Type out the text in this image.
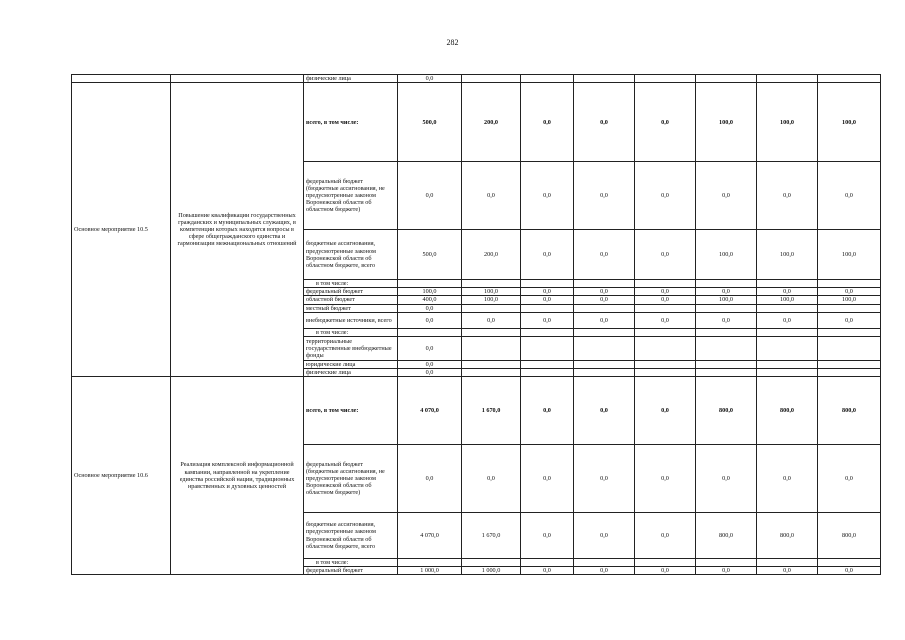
282
		физические лица	0,0							
Основное мероприятие 10.5	Повышение квалификации государственных гражданских и муниципальных служащих, в компетенции которых находятся вопросы в сфере общегражданского единства и гармонизации межнациональных отношений	всего, в том числе:	500,0	200,0	0,0	0,0	0,0	100,0	100,0	100,0
		федеральный бюджет (бюджетные ассигнования, не предусмотренные законом Воронежской области об областном бюджете)	0,0	0,0	0,0	0,0	0,0	0,0	0,0	0,0
		бюджетные ассигнования, предусмотренные законом Воронежской области об областном бюджете, всего	500,0	200,0	0,0	0,0	0,0	100,0	100,0	100,0
		в том числе:								
		федеральный бюджет	100,0	100,0	0,0	0,0	0,0	0,0	0,0	0,0
		областной бюджет	400,0	100,0	0,0	0,0	0,0	100,0	100,0	100,0
		местный бюджет	0,0							
		внебюджетные источники, всего	0,0	0,0	0,0	0,0	0,0	0,0	0,0	0,0
		в том числе:								
		территориальные государственные внебюджетные фонды	0,0							
		юридические лица	0,0							
		физические лица	0,0							
Основное мероприятие 10.6	Реализация комплексной информационной кампании, направленной на укрепление единства российской нации, традиционных нравственных и духовных ценностей	всего, в том числе:	4 070,0	1 670,0	0,0	0,0	0,0	800,0	800,0	800,0
		федеральный бюджет (бюджетные ассигнования, не предусмотренные законом Воронежской области об областном бюджете)	0,0	0,0	0,0	0,0	0,0	0,0	0,0	0,0
		бюджетные ассигнования, предусмотренные законом Воронежской области об областном бюджете, всего	4 070,0	1 670,0	0,0	0,0	0,0	800,0	800,0	800,0
		в том числе:								
		федеральный бюджет	1 000,0	1 000,0	0,0	0,0	0,0	0,0	0,0	0,0
